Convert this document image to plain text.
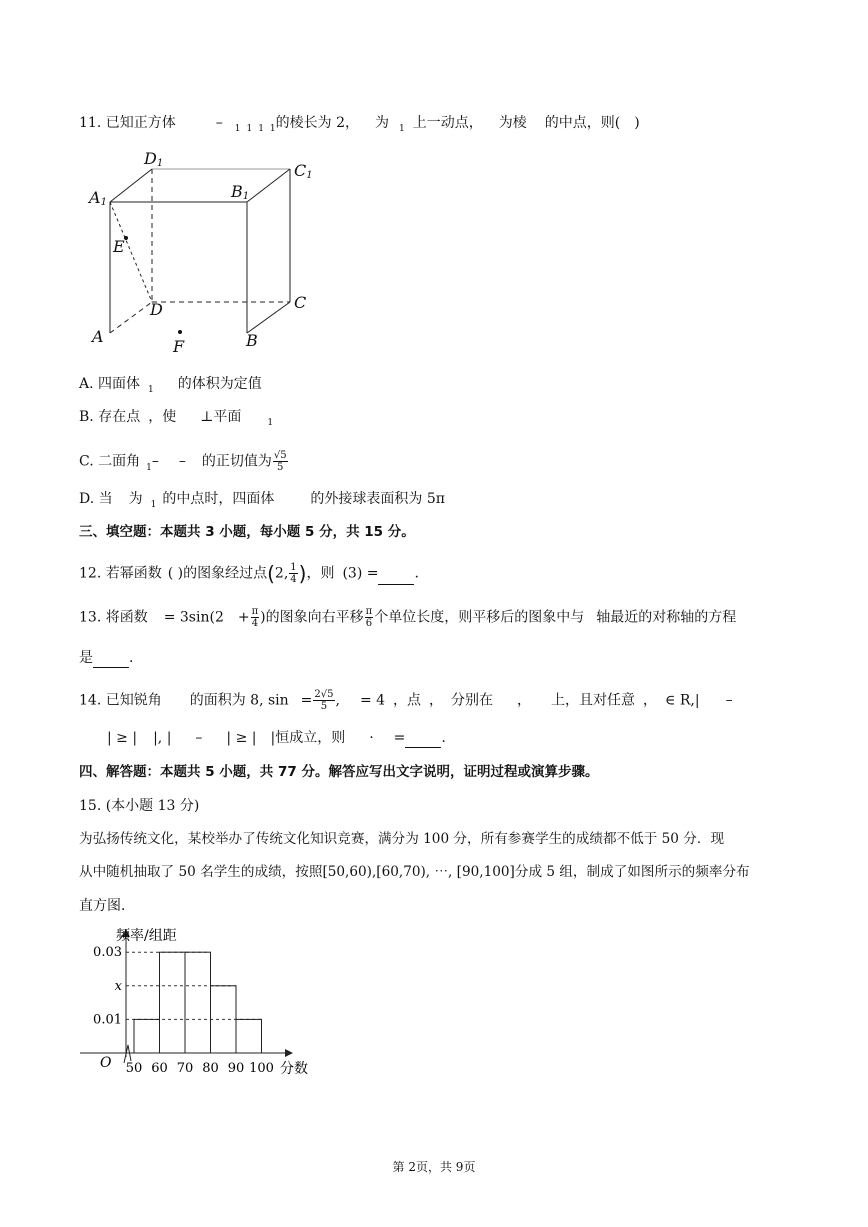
11. 已知正方体	– $_1$ $_1$ $_1$ $_1$的棱长为 2， 为 $_1$ 上一动点， 为棱 的中点，则(　)
D1	C1
A1
B1
E
D	C
A
F	B
A. 四面体 $_1$ 的体积为定值
B. 存在点 ，使 ⊥平面	$_1$
C. 二面角 $_1$– – 的正切值为 $\frac{√5}{5}$
D. 当 为 $_1$ 的中点时，四面体	的外接球表面积为 5π
三、填空题：本题共 3 小题，每小题 5 分，共 15 分。
12. 若幂函数 ( )的图象经过点(2, $\frac{1}{4}$ )，则 (3) =	.
13. 将函数 = $3\sin(2 + \frac{\pi}{4}$ )的图象向右平移 $\frac{\pi}{6}$ 个单位长度，则平移后的图象中与 轴最近的对称轴的方程
是	.
14. 已知锐角 的面积为 8, $\sin = \frac{2√5}{5}$ , = 4 ，点 ， 分别在 ， 上，且对任意 ， ∈ R,| –
| ≥ | |, | – | ≥ | |恒成立，则 · =	.
四、解答题：本题共 5 小题，共 77 分。解答应写出文字说明，证明过程或演算步骤。
15. (本小题 13 分)
为弘扬传统文化，某校举办了传统文化知识竞赛，满分为 100 分，所有参赛学生的成绩都不低于 50 分．现
从中随机抽取了 50 名学生的成绩，按照[50,60),[60,70), ⋯, [90,100]分成 5 组，制成了如图所示的频率分布
直方图．
0.01
x
0.03
50 60 70 80 90 100
频率/组距
分数
O
第 2页，共 9页
